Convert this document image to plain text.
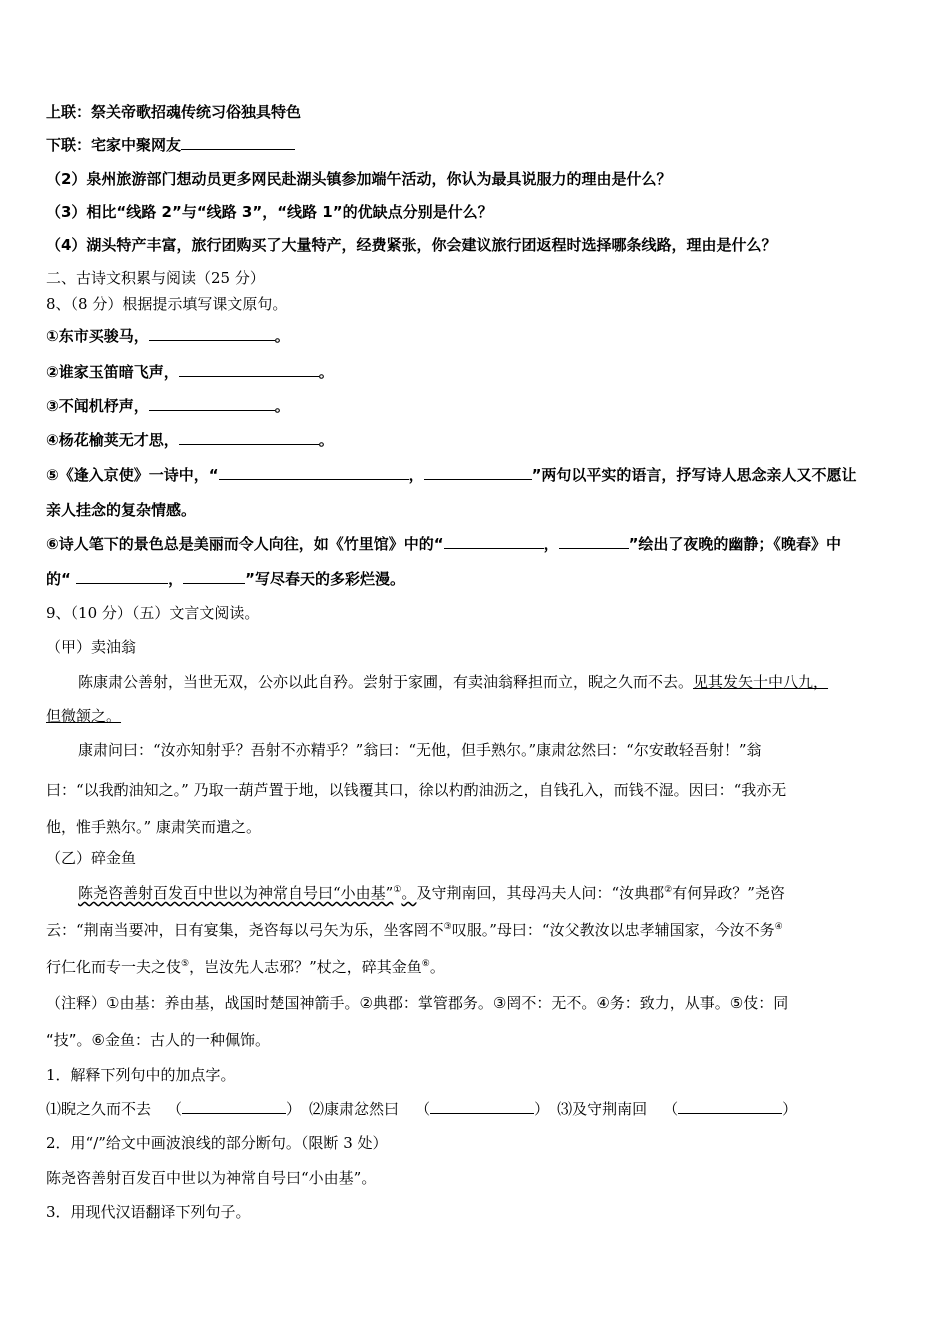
上联：祭关帝歌招魂传统习俗独具特色
下联：宅家中聚网友
（2）泉州旅游部门想动员更多网民赴湖头镇参加端午活动，你认为最具说服力的理由是什么？
（3）相比“线路 2”与“线路 3”，“线路 1”的优缺点分别是什么？
（4）湖头特产丰富，旅行团购买了大量特产，经费紧张，你会建议旅行团返程时选择哪条线路，理由是什么？
二、古诗文积累与阅读（25 分）
8、（8 分）根据提示填写课文原句。
①东市买骏马，	。
②谁家玉笛暗飞声，	。
③不闻机杼声，	。
④杨花榆荚无才思，	。
⑤《逢入京使》一诗中，“	，	”两句以平实的语言，抒写诗人思念亲人又不愿让
亲人挂念的复杂情感。
⑥诗人笔下的景色总是美丽而令人向往，如《竹里馆》中的“	，	”绘出了夜晚的幽静；《晚春》中
的“	，	”写尽春天的多彩烂漫。
9、（10 分）（五）文言文阅读。
（甲）卖油翁
陈康肃公善射，当世无双，公亦以此自矜。尝射于家圃，有卖油翁释担而立，睨之久而不去。见其发矢十中八九，
但微颔之。
康肃问曰：“汝亦知射乎？吾射不亦精乎？”翁曰：“无他，但手熟尔。”康肃忿然曰：“尔安敢轻吾射！”翁
曰：“以我酌油知之。” 乃取一葫芦置于地，以钱覆其口，徐以杓酌油沥之，自钱孔入，而钱不湿。因曰：“我亦无
他，惟手熟尔。” 康肃笑而遣之。
（乙）碎金鱼
陈尧咨善射百发百中世以为神常自号曰“小由基”①。及守荆南回，其母冯夫人问：“汝典郡②有何异政？”尧咨
云：“荆南当要冲，日有宴集，尧咨每以弓矢为乐，坐客罔不③叹服。”母曰：“汝父教汝以忠孝辅国家，今汝不务④
行仁化而专一夫之伎⑤，岂汝先人志邪？”杖之，碎其金鱼⑥。
（注释）①由基：养由基，战国时楚国神箭手。②典郡：掌管郡务。③罔不：无不。④务：致力，从事。⑤伎：同
“技”。⑥金鱼：古人的一种佩饰。
1．解释下列句中的加点字。
⑴睨之久而不去 （	） ⑵康肃忿然曰 （	） ⑶及守荆南回 （	）
2．用“/”给文中画波浪线的部分断句。（限断 3 处）
陈尧咨善射百发百中世以为神常自号曰“小由基”。
3．用现代汉语翻译下列句子。
